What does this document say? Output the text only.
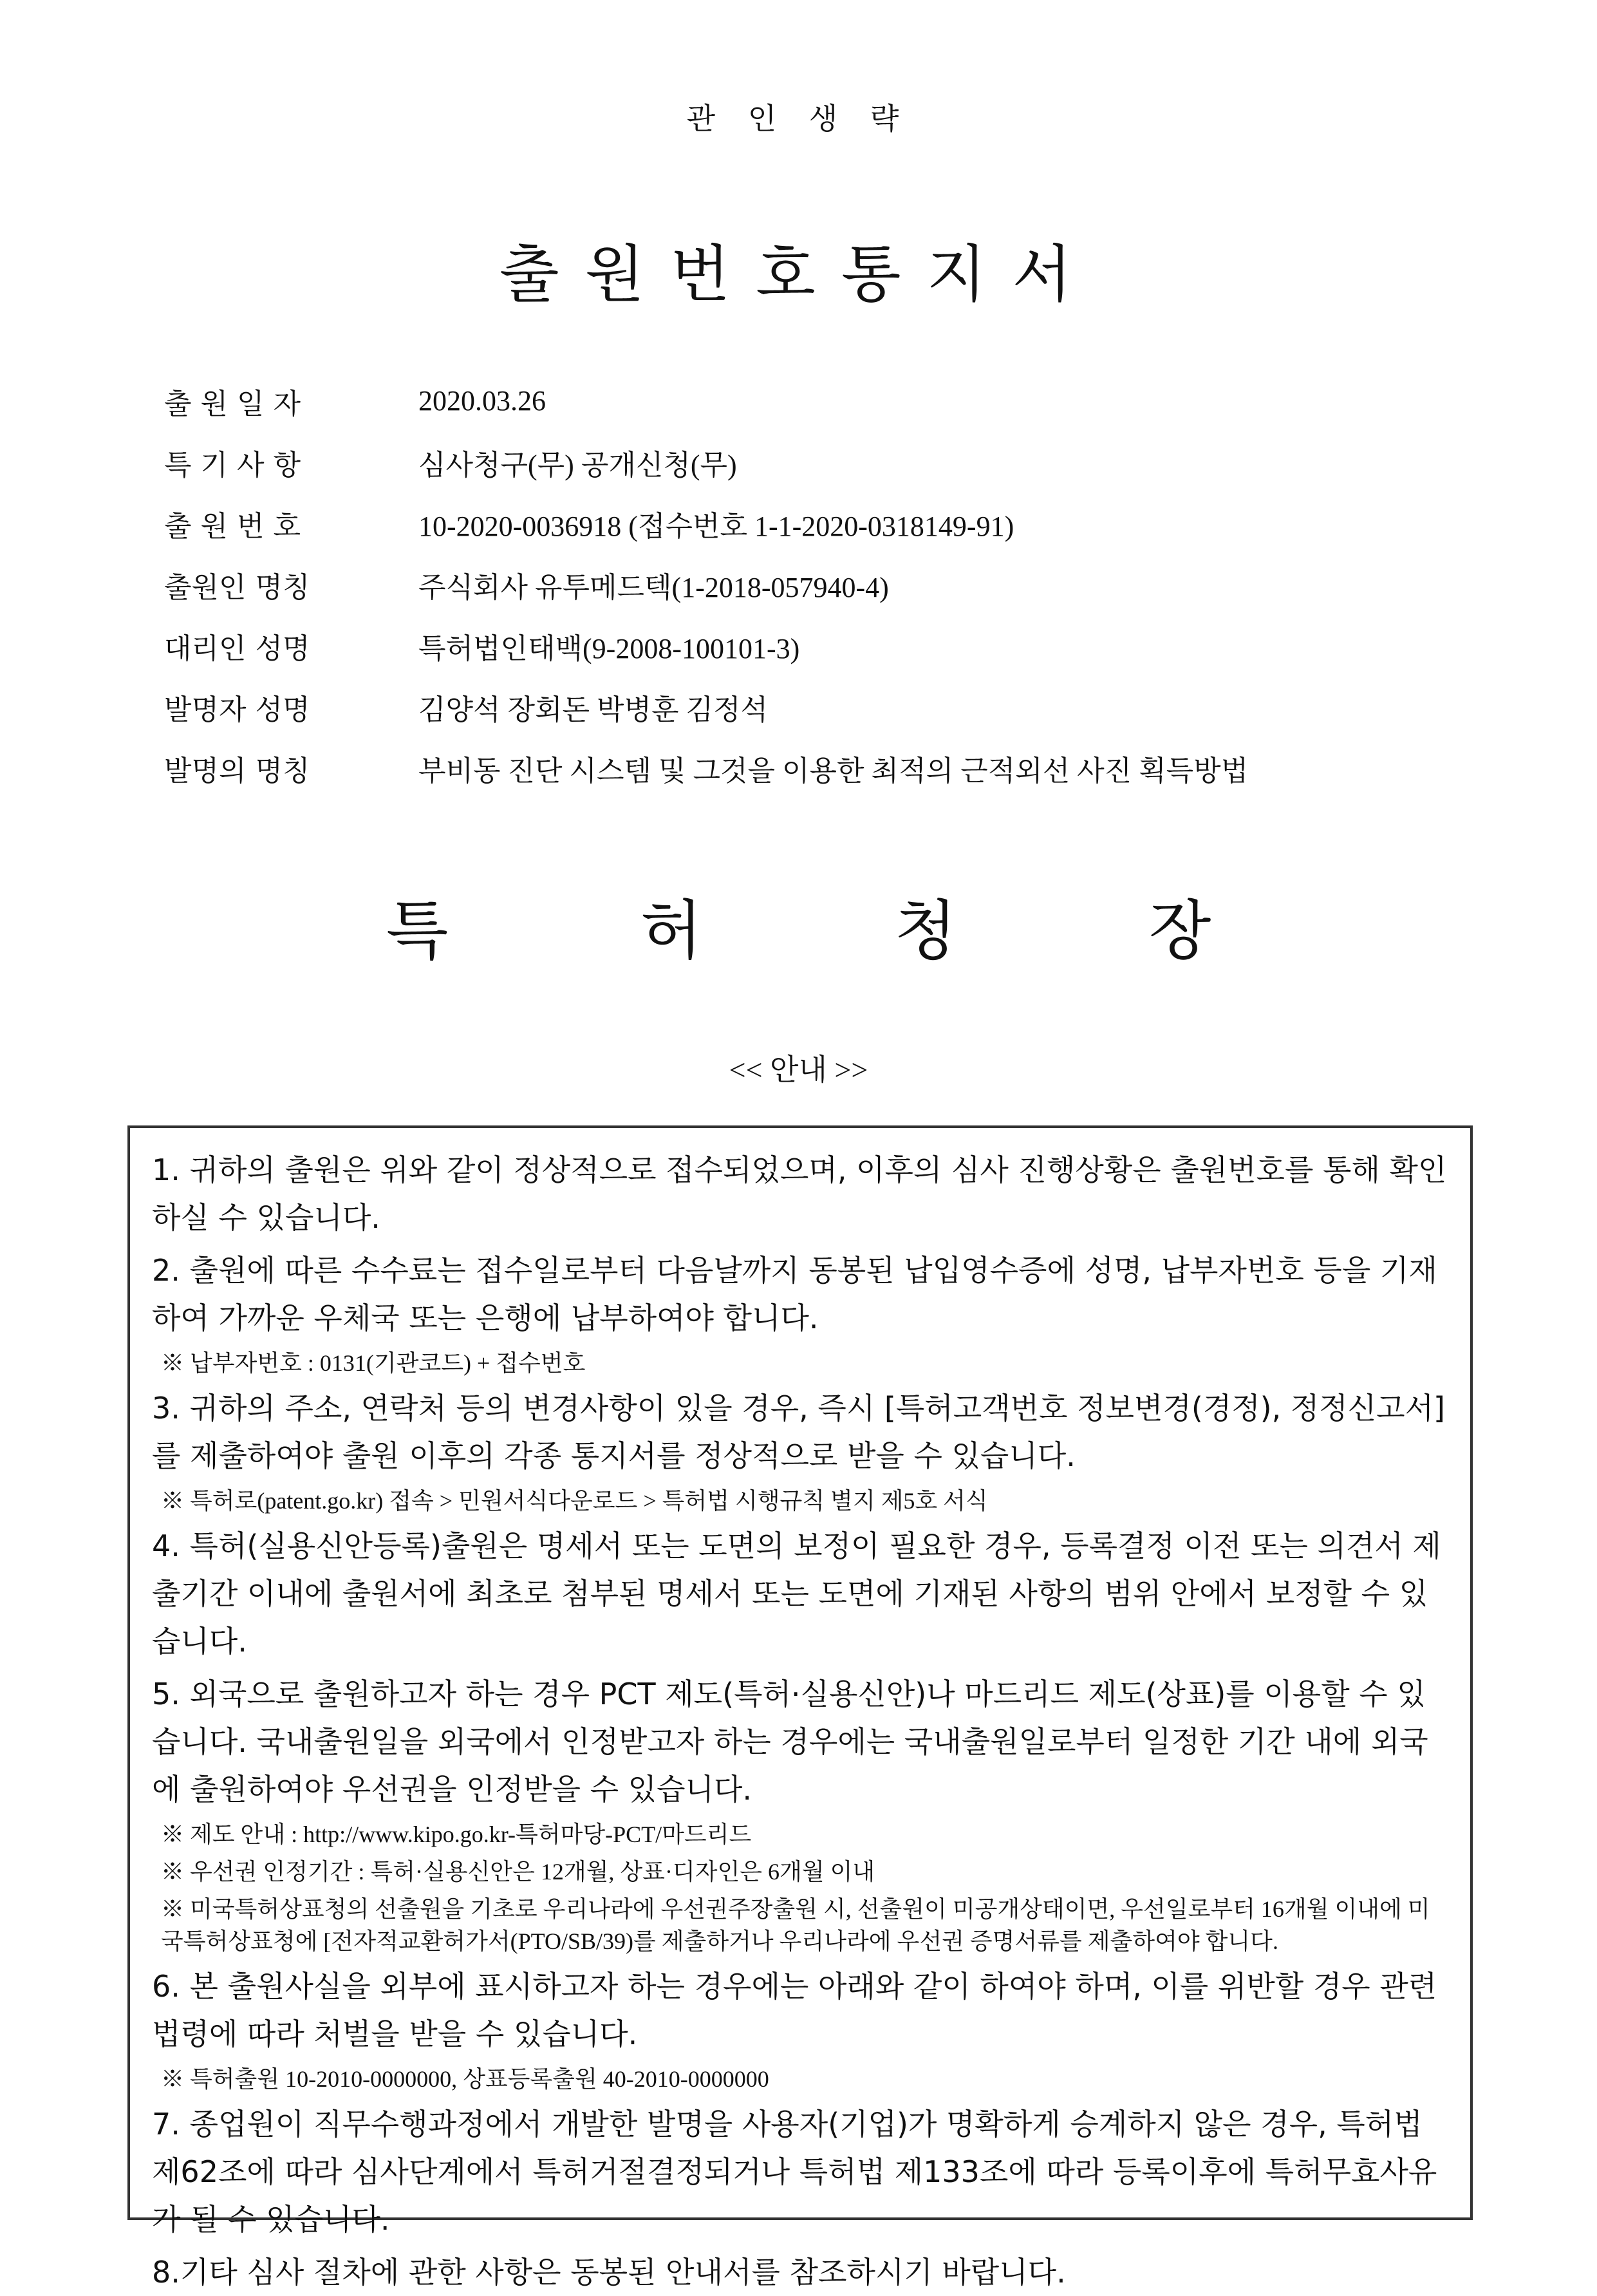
관 인 생 략
출원번호통지서
출 원 일 자	2020.03.26
특 기 사 항	심사청구(무) 공개신청(무)
출 원 번 호	10-2020-0036918 (접수번호 1-1-2020-0318149-91)
출원인 명칭	주식회사 유투메드텍(1-2018-057940-4)
대리인 성명	특허법인태백(9-2008-100101-3)
발명자 성명	김양석 장회돈 박병훈 김정석
발명의 명칭	부비동 진단 시스템 및 그것을 이용한 최적의 근적외선 사진 획득방법
특	허	청	장
<< 안내 >>
1. 귀하의 출원은 위와 같이 정상적으로 접수되었으며, 이후의 심사 진행상황은 출원번호를 통해 확인하실 수 있습니다.
2. 출원에 따른 수수료는 접수일로부터 다음날까지 동봉된 납입영수증에 성명, 납부자번호 등을 기재하여 가까운 우체국 또는 은행에 납부하여야 합니다.
※ 납부자번호 : 0131(기관코드) + 접수번호
3. 귀하의 주소, 연락처 등의 변경사항이 있을 경우, 즉시 [특허고객번호 정보변경(경정), 정정신고서]를 제출하여야 출원 이후의 각종 통지서를 정상적으로 받을 수 있습니다.
※ 특허로(patent.go.kr) 접속 > 민원서식다운로드 > 특허법 시행규칙 별지 제5호 서식
4. 특허(실용신안등록)출원은 명세서 또는 도면의 보정이 필요한 경우, 등록결정 이전 또는 의견서 제출기간 이내에 출원서에 최초로 첨부된 명세서 또는 도면에 기재된 사항의 범위 안에서 보정할 수 있습니다.
5. 외국으로 출원하고자 하는 경우 PCT 제도(특허·실용신안)나 마드리드 제도(상표)를 이용할 수 있습니다. 국내출원일을 외국에서 인정받고자 하는 경우에는 국내출원일로부터 일정한 기간 내에 외국에 출원하여야 우선권을 인정받을 수 있습니다.
※ 제도 안내 : http://www.kipo.go.kr-특허마당-PCT/마드리드
※ 우선권 인정기간 : 특허·실용신안은 12개월, 상표·디자인은 6개월 이내
※ 미국특허상표청의 선출원을 기초로 우리나라에 우선권주장출원 시, 선출원이 미공개상태이면, 우선일로부터 16개월 이내에 미국특허상표청에 [전자적교환허가서(PTO/SB/39)를 제출하거나 우리나라에 우선권 증명서류를 제출하여야 합니다.
6. 본 출원사실을 외부에 표시하고자 하는 경우에는 아래와 같이 하여야 하며, 이를 위반할 경우 관련법령에 따라 처벌을 받을 수 있습니다.
※ 특허출원 10-2010-0000000, 상표등록출원 40-2010-0000000
7. 종업원이 직무수행과정에서 개발한 발명을 사용자(기업)가 명확하게 승계하지 않은 경우, 특허법 제62조에 따라 심사단계에서 특허거절결정되거나 특허법 제133조에 따라 등록이후에 특허무효사유가 될 수 있습니다.
8.기타 심사 절차에 관한 사항은 동봉된 안내서를 참조하시기 바랍니다.
